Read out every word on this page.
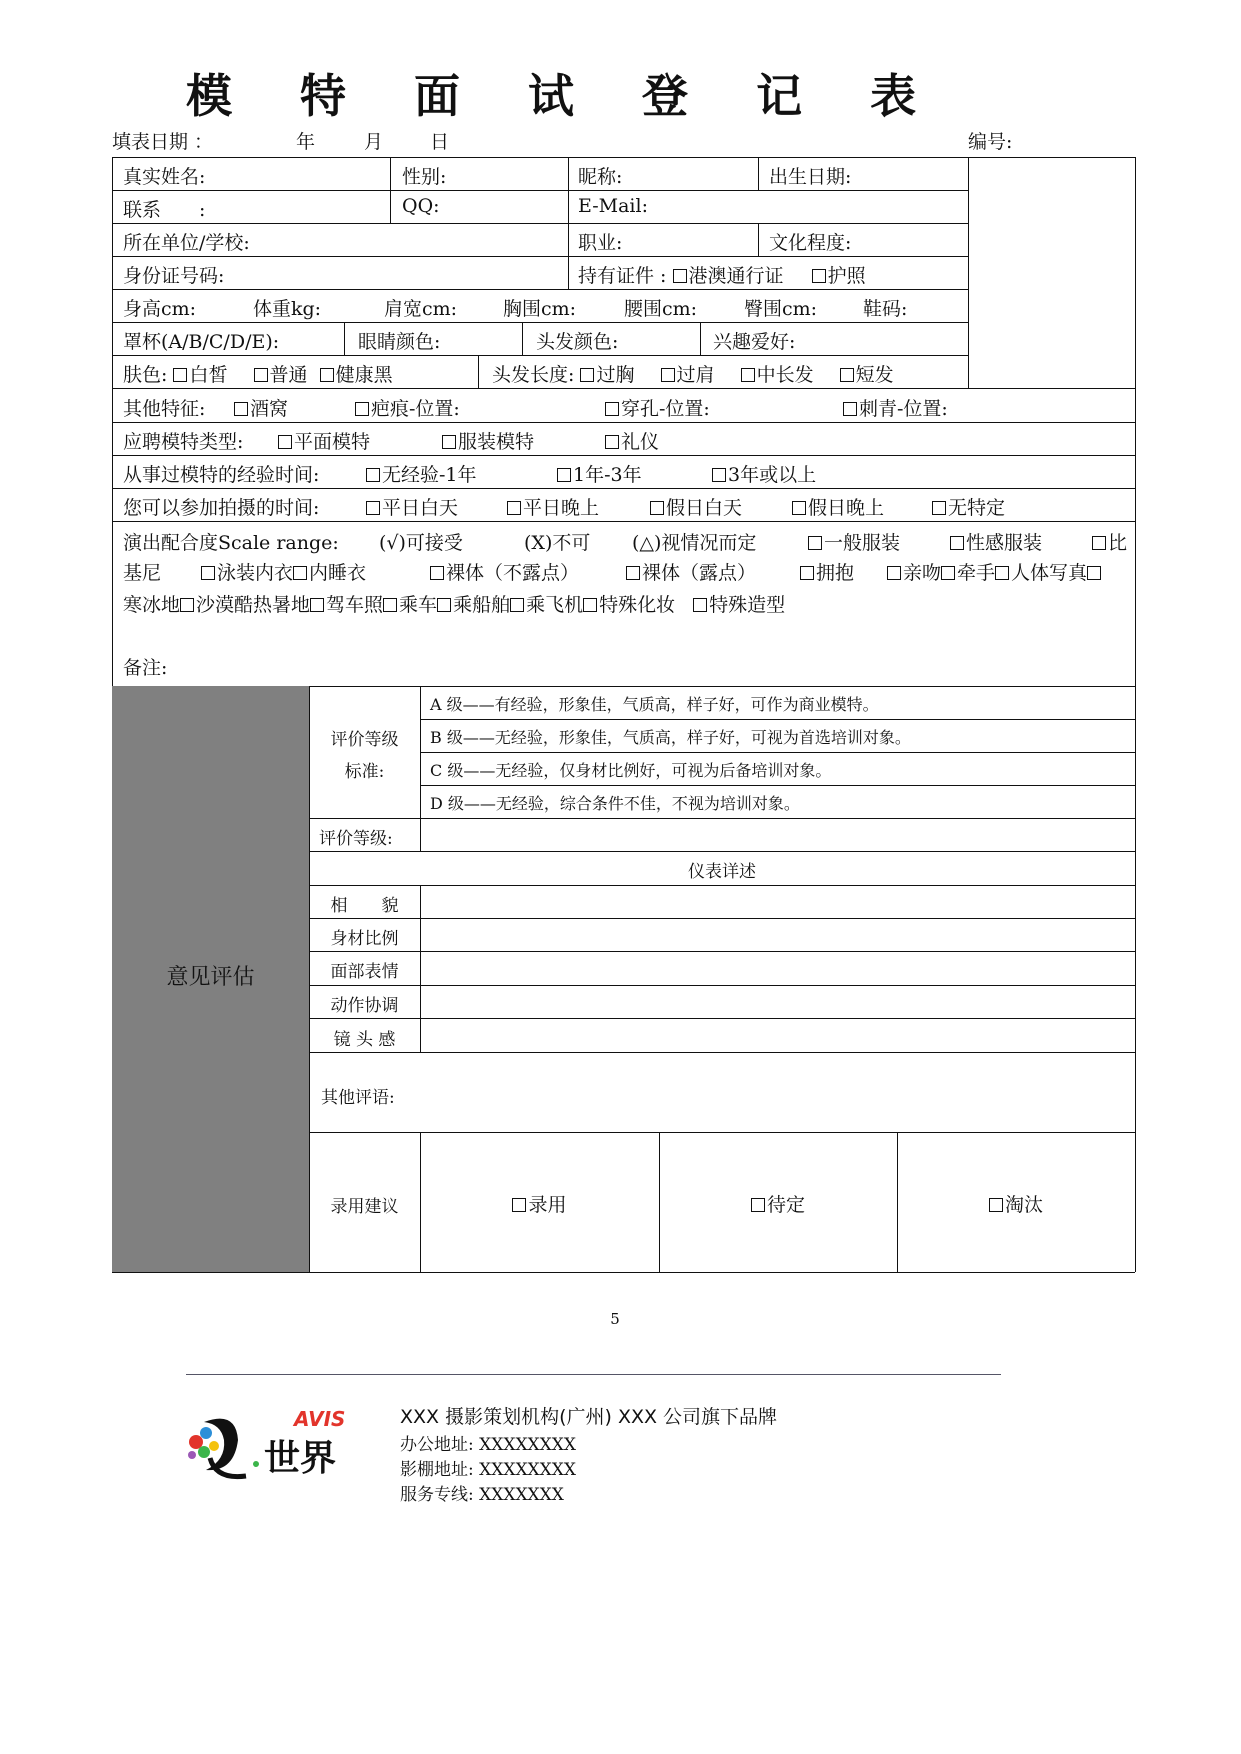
模 特 面 试 登 记 表
填表日期 ：	年	月 日	编号:
真实姓名:	性别:	昵称:	出生日期:
联系　　:	QQ:	E-Mail:
所在单位/学校:	职业:	文化程度:
身份证号码:	持有证件 : 港澳通行证 护照
身高cm:	体重kg:	肩宽cm: 胸围cm:	腰围cm: 臀围cm: 鞋码:
罩杯(A/B/C/D/E):	眼睛颜色:	头发颜色:	兴趣爱好:
肤色: 白皙 普通 健康黑	头发长度: 过胸 过肩 中长发 短发
其他特征:	酒窝	疤痕-位置:	穿孔-位置:	刺青-位置:
应聘模特类型:	平面模特	服装模特	礼仪
从事过模特的经验时间:	无经验-1年	1年-3年	3年或以上
您可以参加拍摄的时间:	平日白天	平日晚上	假日白天	假日晚上	无特定
演出配合度Scale range: (√)可接受	(X)不可 (△)视情况而定	一般服装	性感服装	比
基尼	泳装内衣 内睡衣	裸体（不露点）	裸体（露点）	拥抱	亲吻 牵手 人体写真
寒冰地 沙漠酷热暑地 驾车照 乘车 乘船舶 乘飞机 特殊化妆 特殊造型
备注:
意见评估
评价等级
标准:
A 级——有经验，形象佳，气质高，样子好，可作为商业模特。
B 级——无经验，形象佳，气质高，样子好，可视为首选培训对象。
C 级——无经验，仅身材比例好，可视为后备培训对象。
D 级——无经验，综合条件不佳，不视为培训对象。
评价等级:
仪表详述
相　　貌
身材比例
面部表情
动作协调
镜 头 感
其他评语:
录用建议	录用	待定	淘汰
5
AVIS
世界
XXX 摄影策划机构(广州) XXX 公司旗下品牌
办公地址: XXXXXXXX
影棚地址: XXXXXXXX
服务专线: XXXXXXX
